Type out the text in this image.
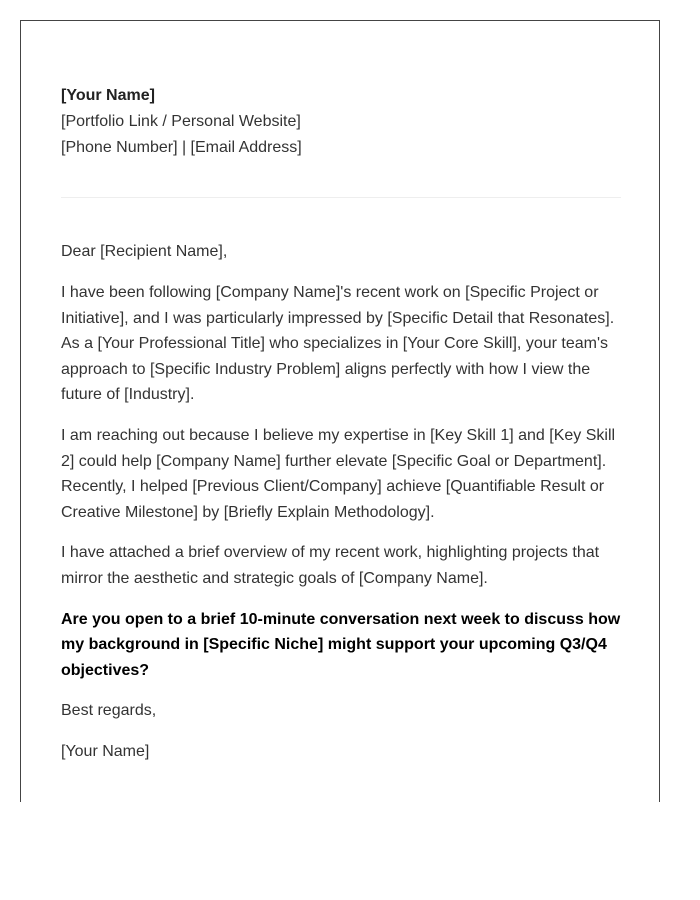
[Your Name]
[Portfolio Link / Personal Website]
[Phone Number] | [Email Address]
Dear [Recipient Name],

I have been following [Company Name]'s recent work on [Specific Project or Initiative], and I was particularly impressed by [Specific Detail that Resonates]. As a [Your Professional Title] who specializes in [Your Core Skill], your team's approach to [Specific Industry Problem] aligns perfectly with how I view the future of [Industry].

I am reaching out because I believe my expertise in [Key Skill 1] and [Key Skill 2] could help [Company Name] further elevate [Specific Goal or Department]. Recently, I helped [Previous Client/Company] achieve [Quantifiable Result or Creative Milestone] by [Briefly Explain Methodology].

I have attached a brief overview of my recent work, highlighting projects that mirror the aesthetic and strategic goals of [Company Name].

Are you open to a brief 10-minute conversation next week to discuss how my background in [Specific Niche] might support your upcoming Q3/Q4 objectives?

Best regards,
[Your Name]
